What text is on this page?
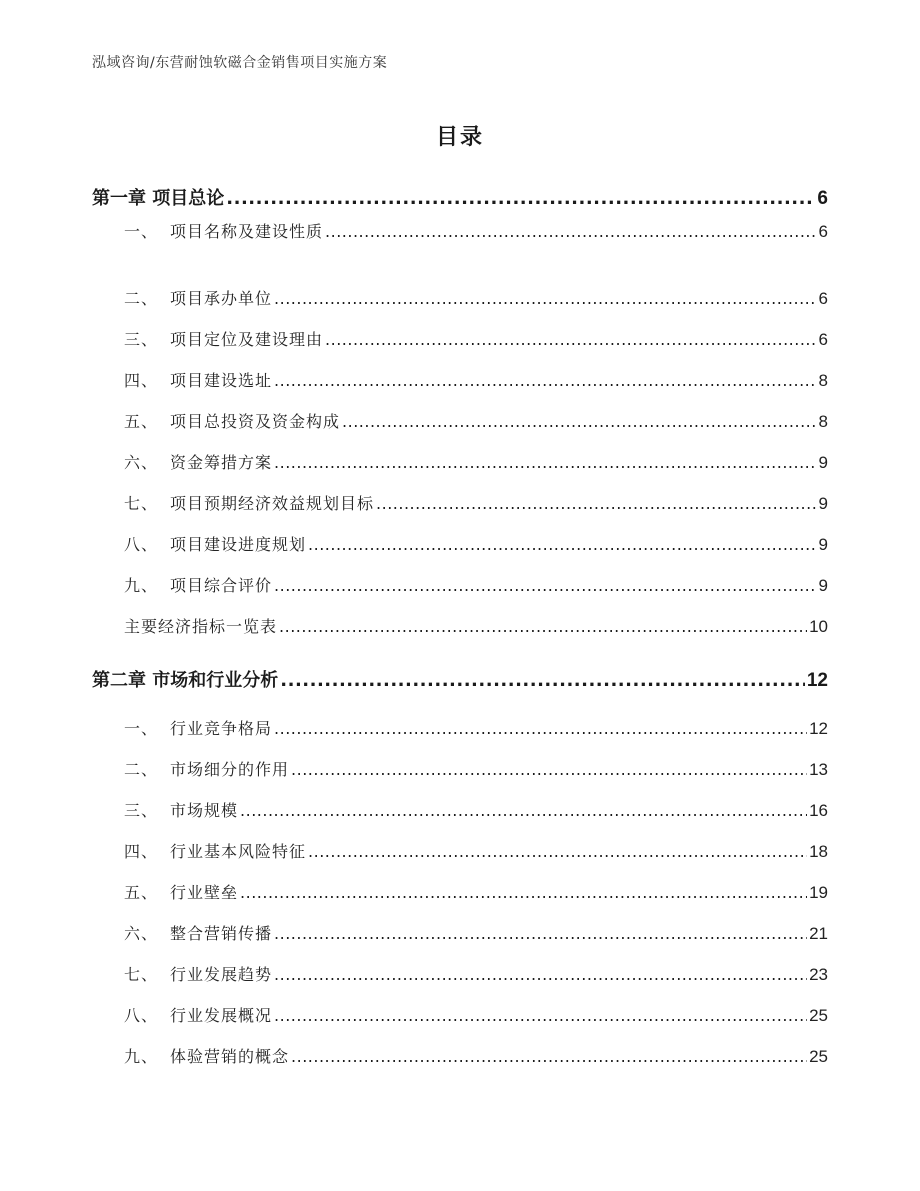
泓域咨询/东营耐蚀软磁合金销售项目实施方案
目录
第一章 项目总论 .....	6
一、 项目名称及建设性质 .....	6
二、 项目承办单位 .....	6
三、 项目定位及建设理由 .....	6
四、 项目建设选址 .....	8
五、 项目总投资及资金构成 .....	8
六、 资金筹措方案 .....	9
七、 项目预期经济效益规划目标 .....	9
八、 项目建设进度规划 .....	9
九、 项目综合评价 .....	9
主要经济指标一览表 .....	10
第二章 市场和行业分析 .....	12
一、 行业竞争格局 .....	12
二、 市场细分的作用 .....	13
三、 市场规模 .....	16
四、 行业基本风险特征 .....	18
五、 行业壁垒 .....	19
六、 整合营销传播 .....	21
七、 行业发展趋势 .....	23
八、 行业发展概况 .....	25
九、 体验营销的概念 .....	25
